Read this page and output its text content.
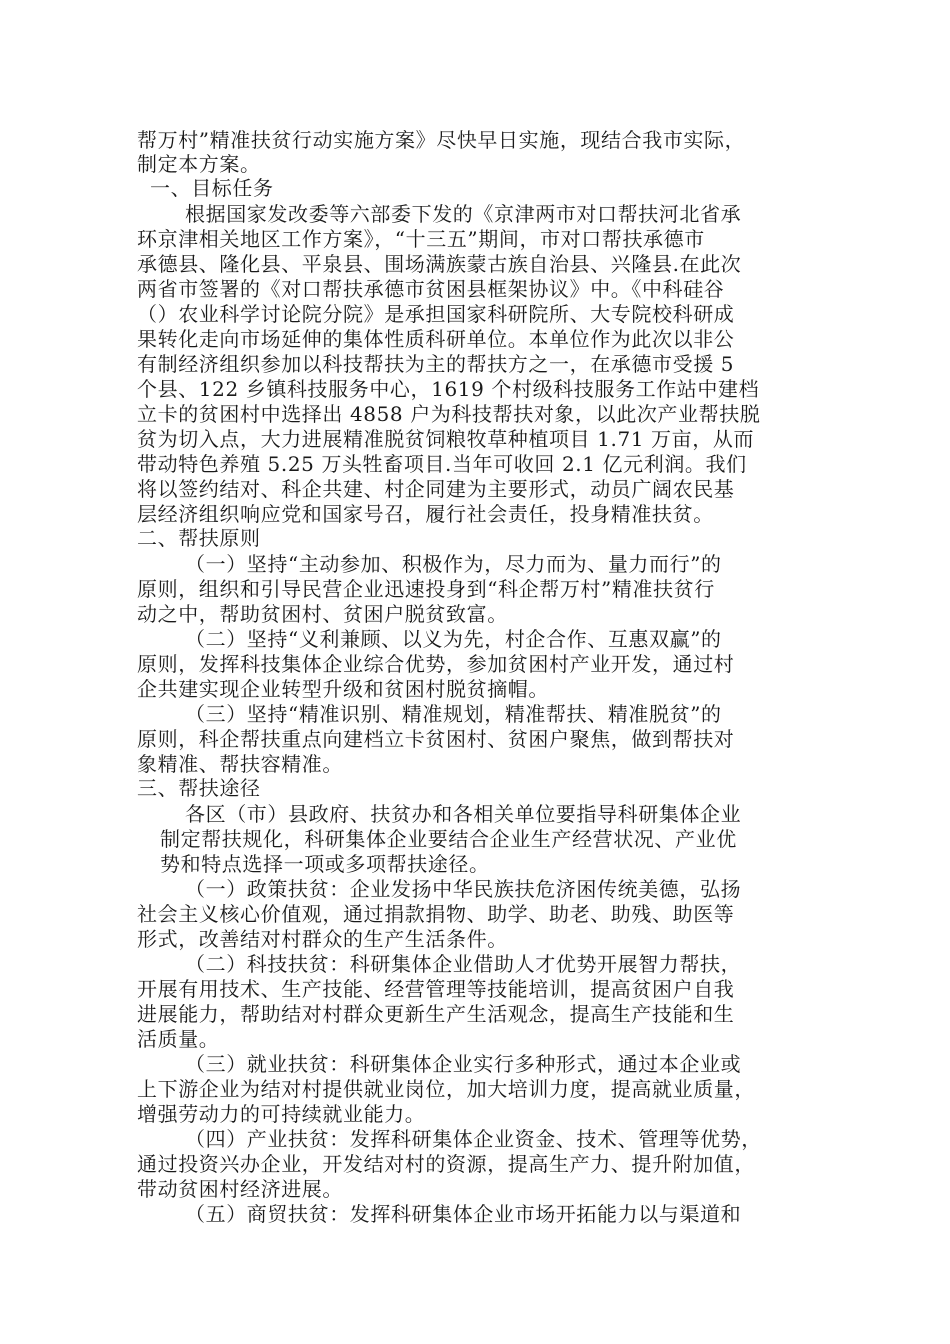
帮万村”精准扶贫行动实施方案》尽快早日实施，现结合我市实际，

制定本方案。

一、目标任务

根据国家发改委等六部委下发的《京津两市对口帮扶河北省承

环京津相关地区工作方案》，“十三五”期间，市对口帮扶承德市

承德县、隆化县、平泉县、围场满族蒙古族自治县、兴隆县.在此次

两省市签署的《对口帮扶承德市贫困县框架协议》中。《中科硅谷

（）农业科学讨论院分院》是承担国家科研院所、大专院校科研成

果转化走向市场延伸的集体性质科研单位。本单位作为此次以非公

有制经济组织参加以科技帮扶为主的帮扶方之一，在承德市受援 5

个县、122 乡镇科技服务中心，1619 个村级科技服务工作站中建档

立卡的贫困村中选择出 4858 户为科技帮扶对象，以此次产业帮扶脱

贫为切入点，大力进展精准脱贫饲粮牧草种植项目 1.71 万亩，从而

带动特色养殖 5.25 万头牲畜项目.当年可收回 2.1 亿元利润。我们

将以签约结对、科企共建、村企同建为主要形式，动员广阔农民基

层经济组织响应党和国家号召，履行社会责任，投身精准扶贫。

二、帮扶原则

（一）坚持“主动参加、积极作为，尽力而为、量力而行”的

原则，组织和引导民营企业迅速投身到“科企帮万村”精准扶贫行

动之中，帮助贫困村、贫困户脱贫致富。

（二）坚持“义利兼顾、以义为先，村企合作、互惠双赢”的

原则，发挥科技集体企业综合优势，参加贫困村产业开发，通过村

企共建实现企业转型升级和贫困村脱贫摘帽。

（三）坚持“精准识别、精准规划，精准帮扶、精准脱贫”的

原则，科企帮扶重点向建档立卡贫困村、贫困户聚焦，做到帮扶对

象精准、帮扶容精准。

三、帮扶途径

各区（市）县政府、扶贫办和各相关单位要指导科研集体企业

制定帮扶规化，科研集体企业要结合企业生产经营状况、产业优

势和特点选择一项或多项帮扶途径。

（一）政策扶贫：企业发扬中华民族扶危济困传统美德，弘扬

社会主义核心价值观，通过捐款捐物、助学、助老、助残、助医等

形式，改善结对村群众的生产生活条件。

（二）科技扶贫：科研集体企业借助人才优势开展智力帮扶，

开展有用技术、生产技能、经营管理等技能培训，提高贫困户自我

进展能力，帮助结对村群众更新生产生活观念，提高生产技能和生

活质量。

（三）就业扶贫：科研集体企业实行多种形式，通过本企业或

上下游企业为结对村提供就业岗位，加大培训力度，提高就业质量，

增强劳动力的可持续就业能力。

（四）产业扶贫：发挥科研集体企业资金、技术、管理等优势，

通过投资兴办企业，开发结对村的资源，提高生产力、提升附加值，

带动贫困村经济进展。

（五）商贸扶贫：发挥科研集体企业市场开拓能力以与渠道和
